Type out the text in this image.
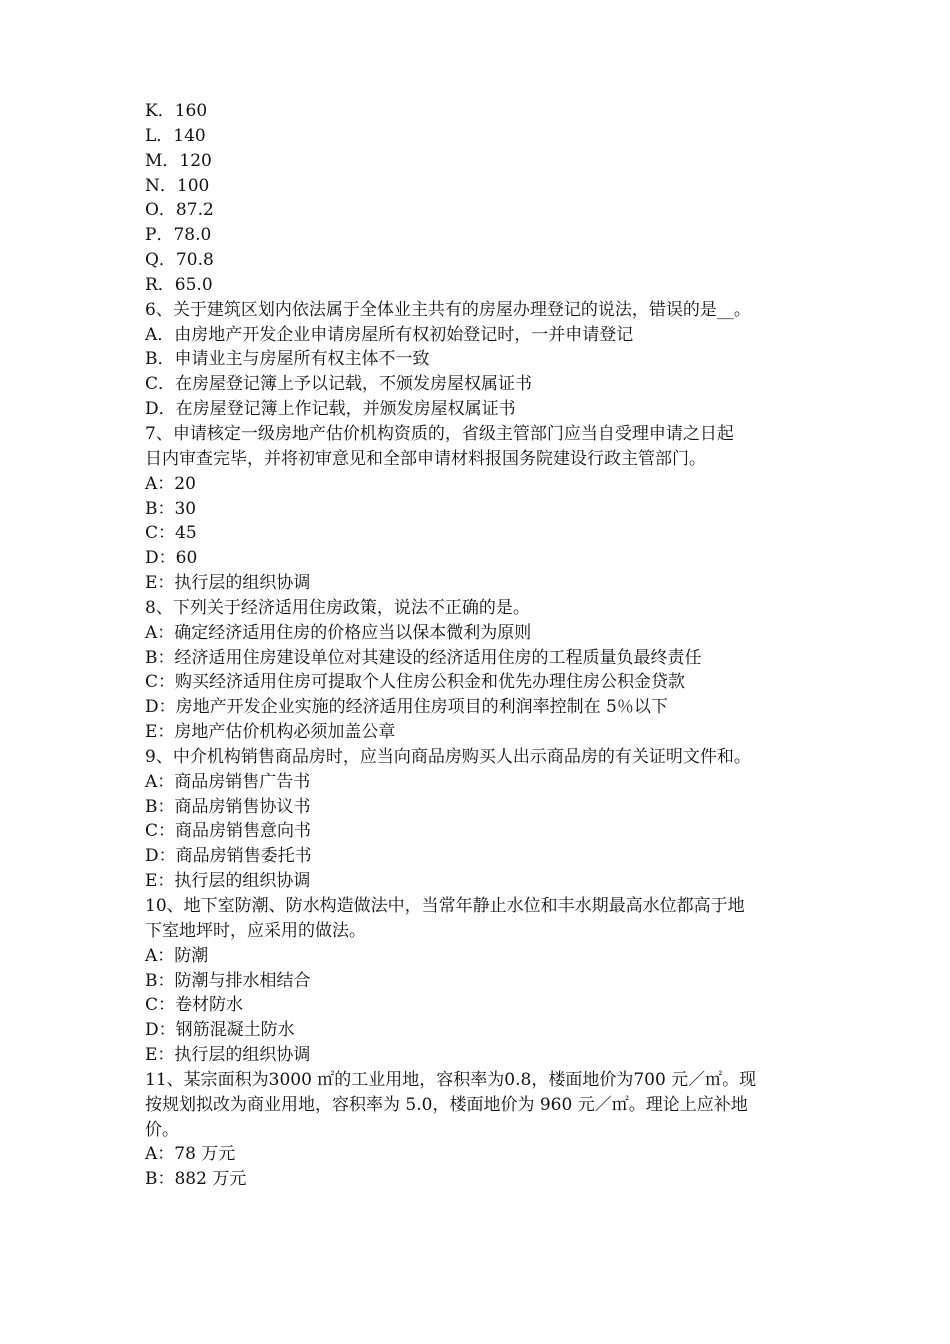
K．160
L．140
M．120
N．100
O．87.2
P．78.0
Q．70.8
R．65.0
6、关于建筑区划内依法属于全体业主共有的房屋办理登记的说法，错误的是__。
A．由房地产开发企业申请房屋所有权初始登记时，一并申请登记
B．申请业主与房屋所有权主体不一致
C．在房屋登记簿上予以记载，不颁发房屋权属证书
D．在房屋登记簿上作记载，并颁发房屋权属证书
7、申请核定一级房地产估价机构资质的，省级主管部门应当自受理申请之日起
日内审查完毕，并将初审意见和全部申请材料报国务院建设行政主管部门。
A：20
B：30
C：45
D：60
E：执行层的组织协调
8、下列关于经济适用住房政策，说法不正确的是。
A：确定经济适用住房的价格应当以保本微利为原则
B：经济适用住房建设单位对其建设的经济适用住房的工程质量负最终责任
C：购买经济适用住房可提取个人住房公积金和优先办理住房公积金贷款
D：房地产开发企业实施的经济适用住房项目的利润率控制在 5％以下
E：房地产估价机构必须加盖公章
9、中介机构销售商品房时，应当向商品房购买人出示商品房的有关证明文件和。
A：商品房销售广告书
B：商品房销售协议书
C：商品房销售意向书
D：商品房销售委托书
E：执行层的组织协调
10、地下室防潮、防水构造做法中，当常年静止水位和丰水期最高水位都高于地
下室地坪时，应采用的做法。
A：防潮
B：防潮与排水相结合
C：卷材防水
D：钢筋混凝土防水
E：执行层的组织协调
11、某宗面积为3000 ㎡的工业用地，容积率为0.8，楼面地价为700 元／㎡。现
按规划拟改为商业用地，容积率为 5.0，楼面地价为 960 元／㎡。理论上应补地
价。
A：78 万元
B：882 万元
